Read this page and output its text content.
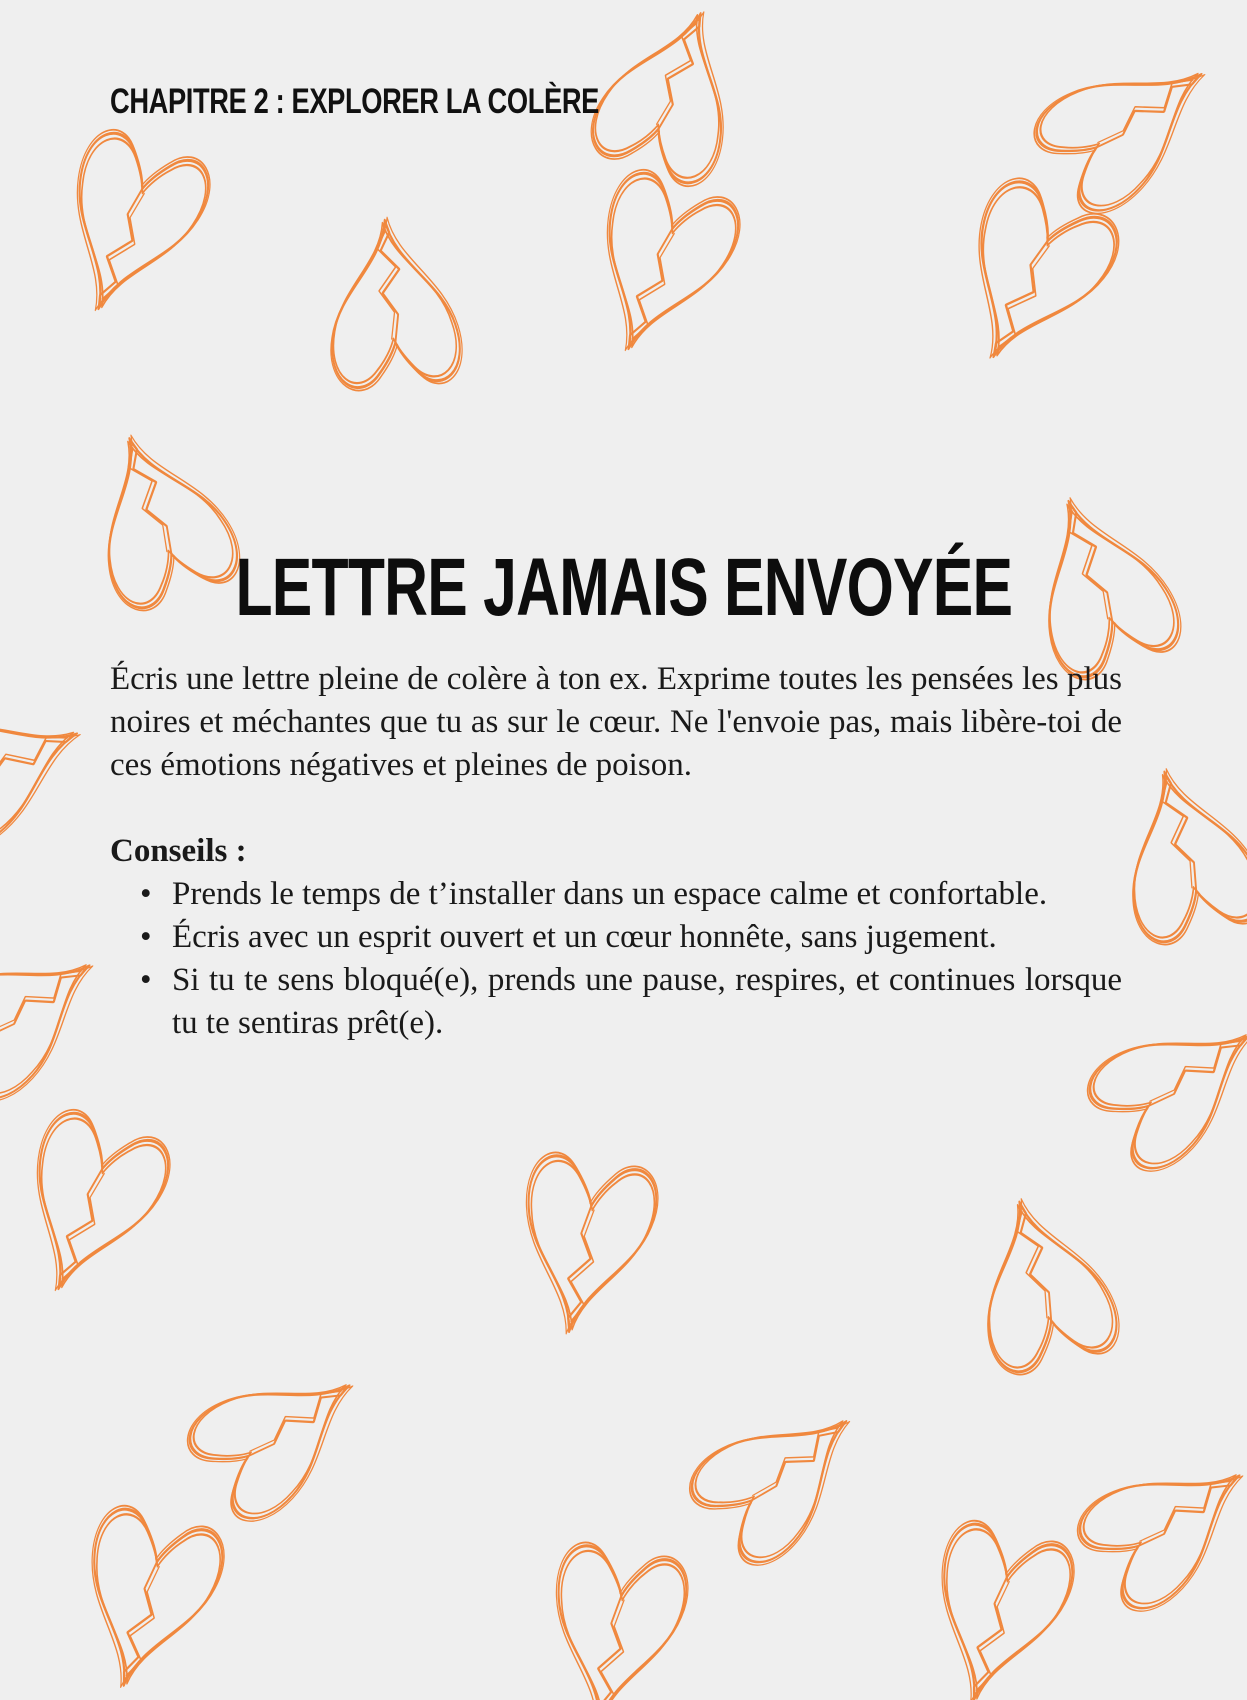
CHAPITRE 2 : EXPLORER LA COLÈRE
LETTRE JAMAIS ENVOYÉE

Écris une lettre pleine de colère à ton ex. Exprime toutes les pensées les plus noires et méchantes que tu as sur le cœur. Ne l'envoie pas, mais libère-toi de ces émotions négatives et pleines de poison.

Conseils :
• Prends le temps de t’installer dans un espace calme et confortable.
• Écris avec un esprit ouvert et un cœur honnête, sans jugement.
• Si tu te sens bloqué(e), prends une pause, respires, et continues lorsque tu te sentiras prêt(e).
